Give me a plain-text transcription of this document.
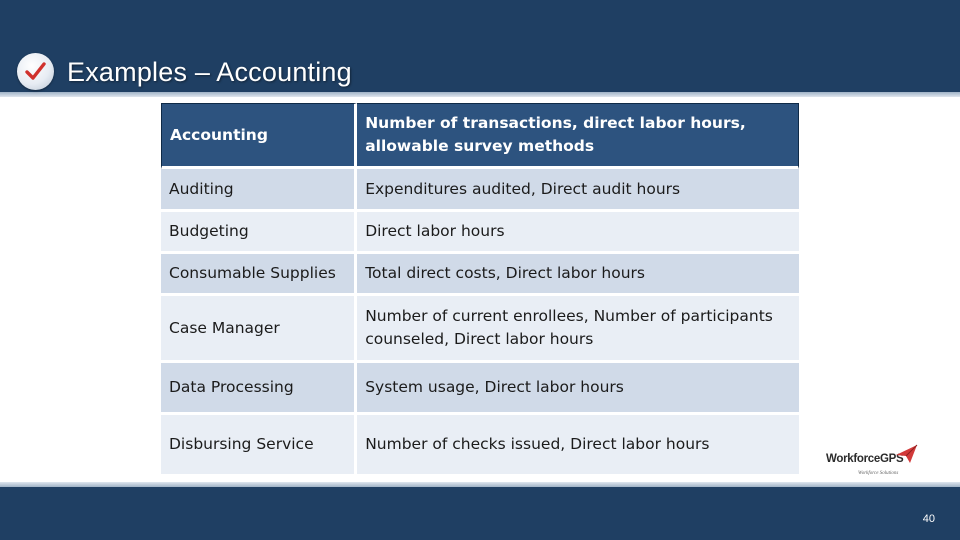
Examples – Accounting
Accounting	Number of transactions, direct labor hours, allowable survey methods
Auditing	Expenditures audited, Direct audit hours
Budgeting	Direct labor hours
Consumable Supplies	Total direct costs, Direct labor hours
Case Manager	Number of current enrollees, Number of participants counseled, Direct labor hours
Data Processing	System usage, Direct labor hours
Disbursing Service	Number of checks issued, Direct labor hours
WorkforceGPS
Workforce Solutions
40
